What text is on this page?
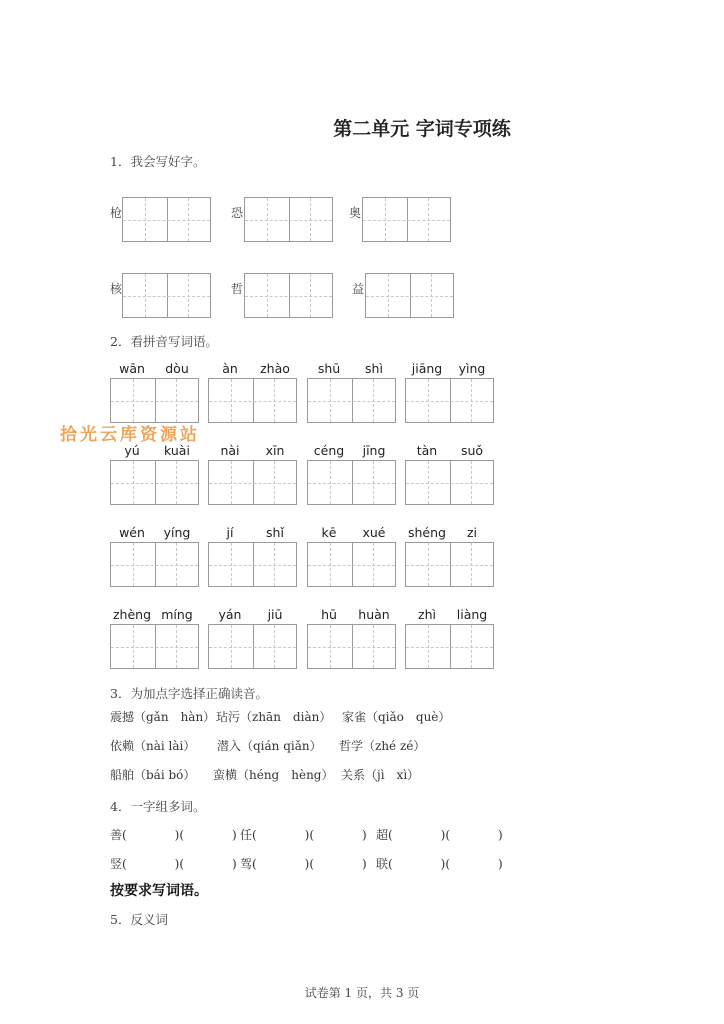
第二单元 字词专项练
1．我会写好字。
枪	恐	奥
核	哲	益
2．看拼音写词语。
wān	dòu	àn	zhào	shū	shì	jiāng	yìng
yú	kuài	nài	xīn	céng	jīng	tàn	suǒ
wén	yíng	jí	shǐ	kē	xué	shéng	zi
zhèng míng	yán	jiū	hū	huàn	zhì	liàng
拾光云库资源站
3．为加点字选择正确读音。
震撼（gǎn　hàn） 玷污（zhān　diàn） 家雀（qiǎo　què）
依赖（nài lài） 潜入（qián qiǎn） 哲学（zhé zé）
船舶（bái bó） 蛮横（héng　hèng） 关系（jì　xì）
4．一字组多词。
善(　　　　)(　　　　) 任(　　　　)(　　　　) 超(　　　　)(　　　　)
竖(　　　　)(　　　　) 驾(　　　　)(　　　　) 联(　　　　)(　　　　)
按要求写词语。
5．反义词
试卷第 1 页，共 3 页
